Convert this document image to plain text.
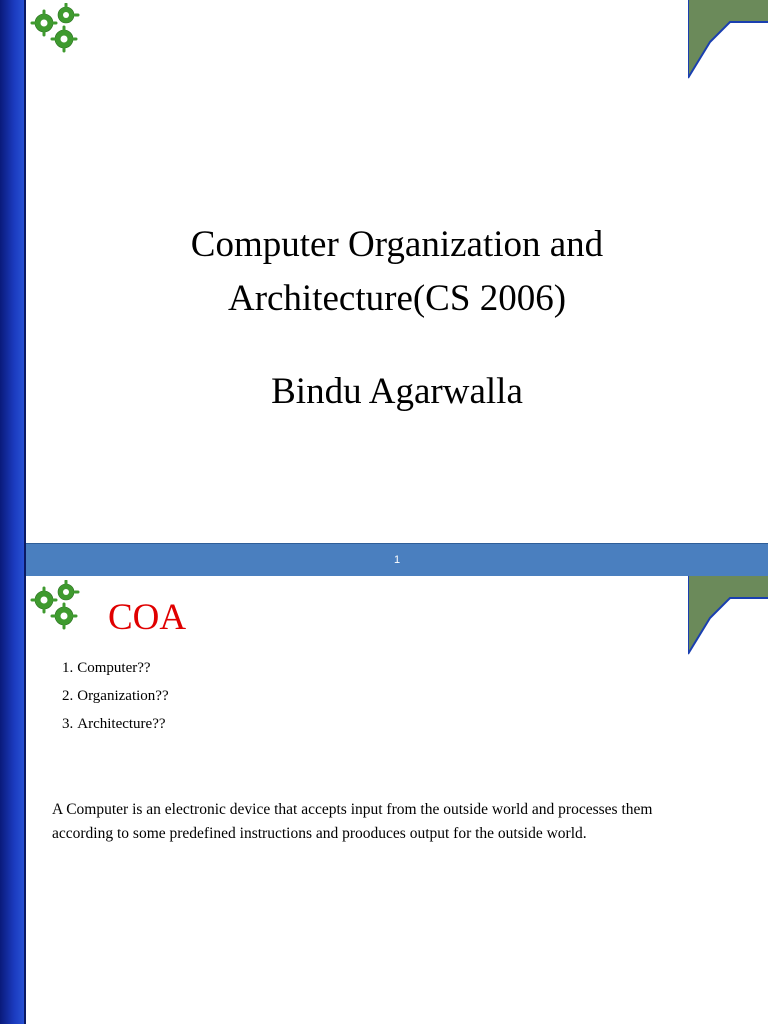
Computer Organization and
Architecture(CS 2006)
Bindu Agarwalla
1
COA
1. Computer??
2. Organization??
3. Architecture??
A Computer is an electronic device that accepts input from the outside world and processes them according to some predefined instructions and prooduces output for the outside world.
